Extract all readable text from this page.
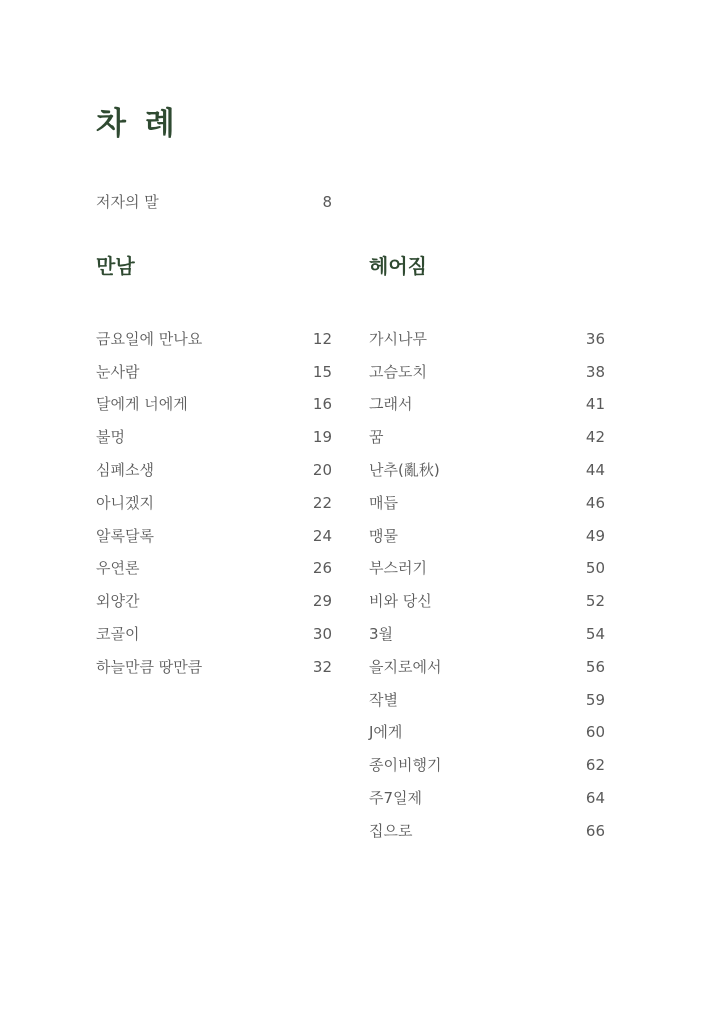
차 례
저자의 말	8
만남	헤어짐
금요일에 만나요	12
눈사람	15
달에게 너에게	16
불멍	19
심폐소생	20
아니겠지	22
알록달록	24
우연론	26
외양간	29
코골이	30
하늘만큼 땅만큼	32
가시나무	36
고슴도치	38
그래서	41
꿈	42
난추(亂秋)	44
매듭	46
맹물	49
부스러기	50
비와 당신	52
3월	54
을지로에서	56
작별	59
J에게	60
종이비행기	62
주7일제	64
집으로	66
